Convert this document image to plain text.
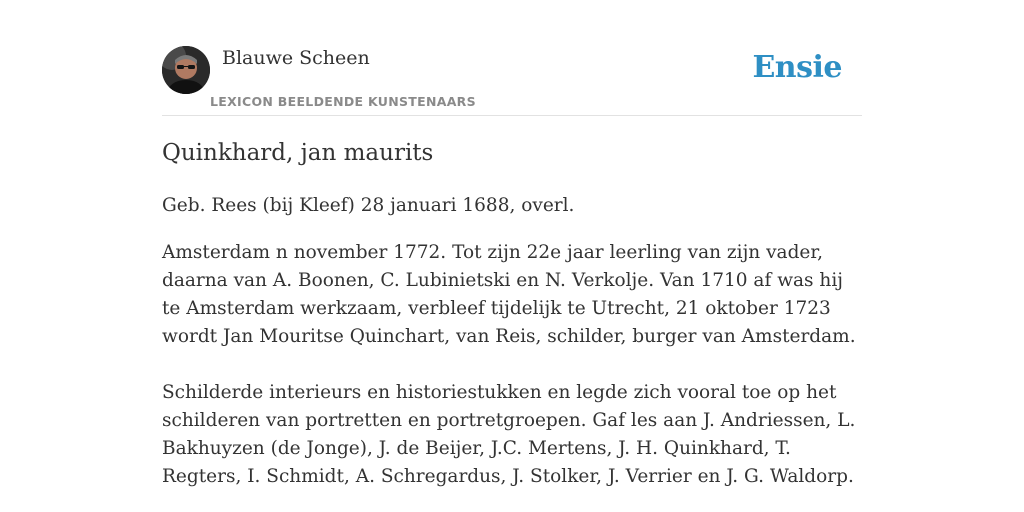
Blauwe Scheen
LEXICON BEELDENDE KUNSTENAARS
Ensie
Quinkhard, jan maurits

Geb. Rees (bij Kleef) 28 januari 1688, overl.

Amsterdam n november 1772. Tot zijn 22e jaar leerling van zijn vader, daarna van A. Boonen, C. Lubinietski en N. Verkolje. Van 1710 af was hij te Amsterdam werkzaam, verbleef tijdelijk te Utrecht, 21 oktober 1723 wordt Jan Mouritse Quinchart, van Reis, schilder, burger van Amsterdam.

Schilderde interieurs en historiestukken en legde zich vooral toe op het schilderen van portretten en portretgroepen. Gaf les aan J. Andriessen, L. Bakhuyzen (de Jonge), J. de Beijer, J.C. Mertens, J. H. Quinkhard, T. Regters, I. Schmidt, A. Schregardus, J. Stolker, J. Verrier en J. G. Waldorp.
